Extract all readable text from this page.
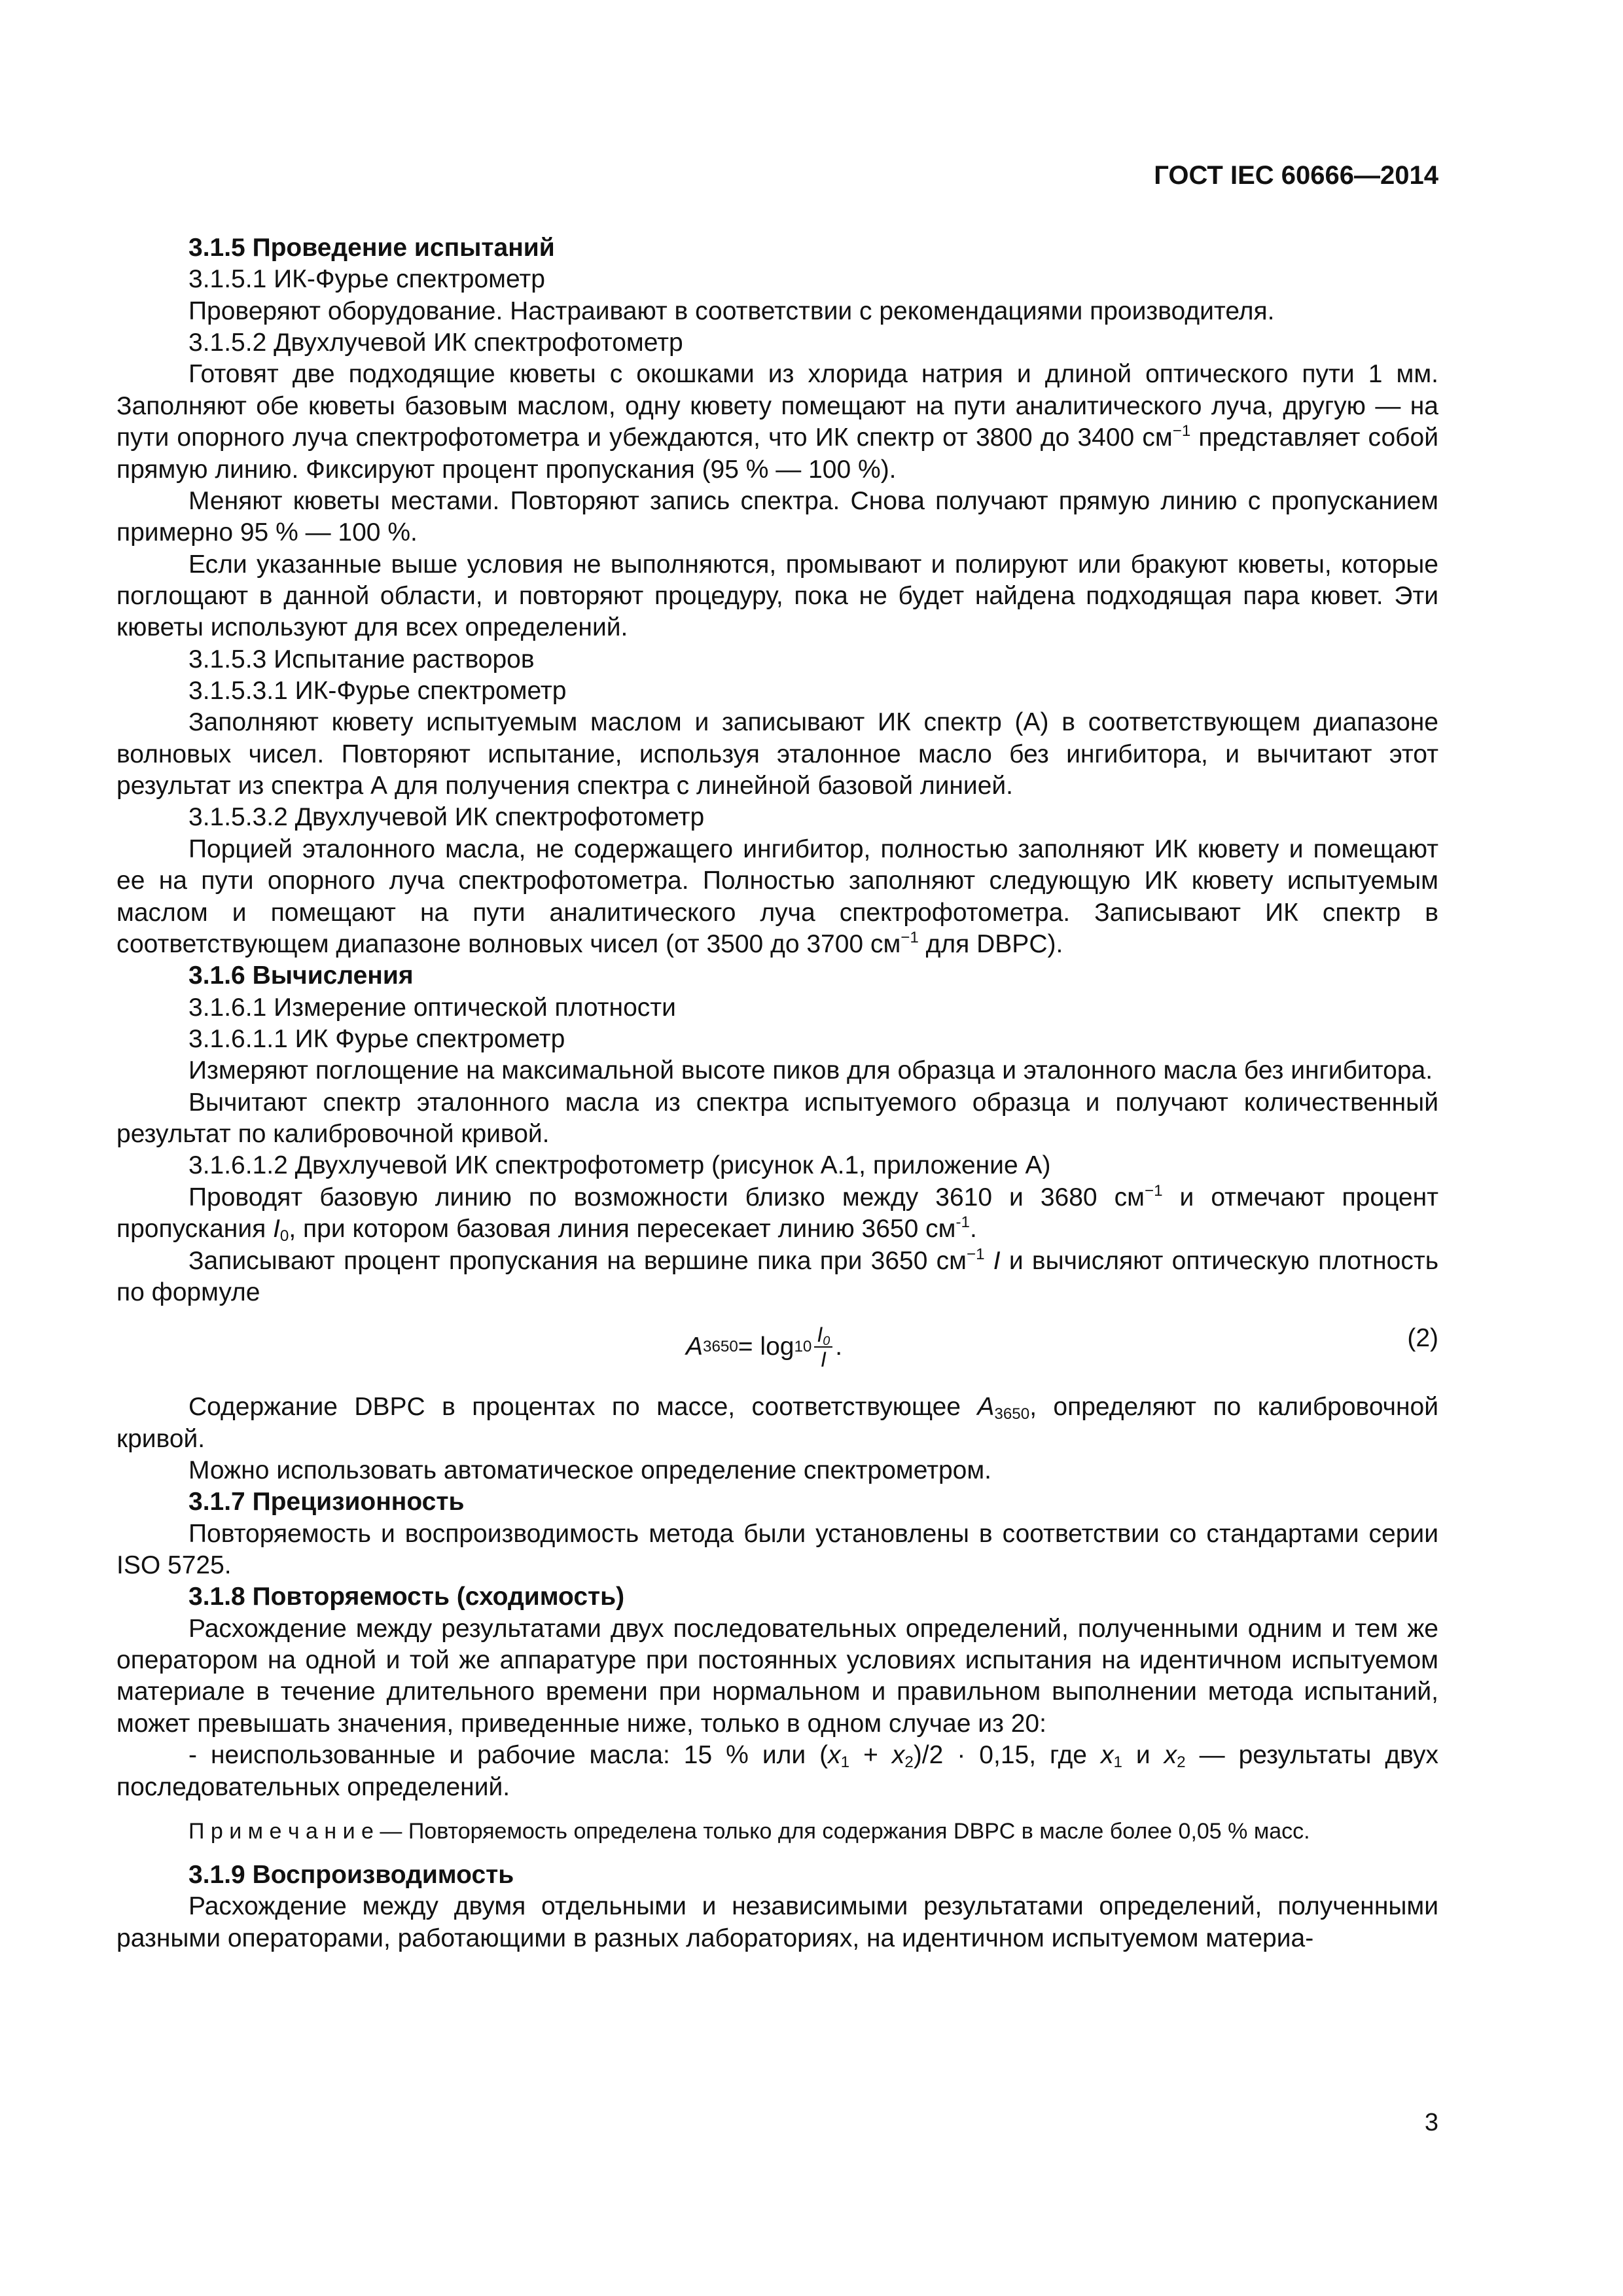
ГОСТ IEC 60666—2014

3.1.5 Проведение испытаний

3.1.5.1 ИК-Фурье спектрометр

Проверяют оборудование. Настраивают в соответствии с рекомендациями производителя.

3.1.5.2 Двухлучевой ИК спектрофотометр

Готовят две подходящие кюветы с окошками из хлорида натрия и длиной оптического пути 1 мм. Заполняют обе кюветы базовым маслом, одну кювету помещают на пути аналитического луча, другую — на пути опорного луча спектрофотометра и убеждаются, что ИК спектр от 3800 до 3400 $см^{-1}$ представляет собой прямую линию. Фиксируют процент пропускания (95 % — 100 %).

Меняют кюветы местами. Повторяют запись спектра. Снова получают прямую линию с пропусканием примерно 95 % — 100 %.

Если указанные выше условия не выполняются, промывают и полируют или бракуют кюветы, которые поглощают в данной области, и повторяют процедуру, пока не будет найдена подходящая пара кювет. Эти кюветы используют для всех определений.

3.1.5.3 Испытание растворов

3.1.5.3.1 ИК-Фурье спектрометр

Заполняют кювету испытуемым маслом и записывают ИК спектр (А) в соответствующем диапазоне волновых чисел. Повторяют испытание, используя эталонное масло без ингибитора, и вычитают этот результат из спектра А для получения спектра с линейной базовой линией.

3.1.5.3.2 Двухлучевой ИК спектрофотометр

Порцией эталонного масла, не содержащего ингибитор, полностью заполняют ИК кювету и помещают ее на пути опорного луча спектрофотометра. Полностью заполняют следующую ИК кювету испытуемым маслом и помещают на пути аналитического луча спектрофотометра. Записывают ИК спектр в соответствующем диапазоне волновых чисел (от 3500 до 3700 $см^{-1}$ для DBPC).

3.1.6 Вычисления

3.1.6.1 Измерение оптической плотности

3.1.6.1.1 ИК Фурье спектрометр

Измеряют поглощение на максимальной высоте пиков для образца и эталонного масла без ингибитора.

Вычитают спектр эталонного масла из спектра испытуемого образца и получают количественный результат по калибровочной кривой.

3.1.6.1.2 Двухлучевой ИК спектрофотометр (рисунок А.1, приложение А)

Проводят базовую линию по возможности близко между 3610 и 3680 $см^{-1}$ и отмечают процент пропускания $I_0$, при котором базовая линия пересекает линию 3650 $см^{-1}$.

Записывают процент пропускания на вершине пика при 3650 $см^{-1}$ I и вычисляют оптическую плотность по формуле

A $3650 = \log 10 \frac{I_0}{I}$ .	(2)

Содержание DBPC в процентах по массе, соответствующее $A_{3650}$, определяют по калибровочной кривой.

Можно использовать автоматическое определение спектрометром.

3.1.7 Прецизионность

Повторяемость и воспроизводимость метода были установлены в соответствии со стандартами серии ISO 5725.

3.1.8 Повторяемость (сходимость)

Расхождение между результатами двух последовательных определений, полученными одним и тем же оператором на одной и той же аппаратуре при постоянных условиях испытания на идентичном испытуемом материале в течение длительного времени при нормальном и правильном выполнении метода испытаний, может превышать значения, приведенные ниже, только в одном случае из 20:

- неиспользованные и рабочие масла: 15 % или $(x_1 + x_2)/2 \cdot 0,15$, где $x_1$ и $x_2$ — результаты двух последовательных определений.

П р и м е ч а н и е — Повторяемость определена только для содержания DBPC в масле более 0,05 % масс.

3.1.9 Воспроизводимость

Расхождение между двумя отдельными и независимыми результатами определений, полученными разными операторами, работающими в разных лабораториях, на идентичном испытуемом материа-

3
